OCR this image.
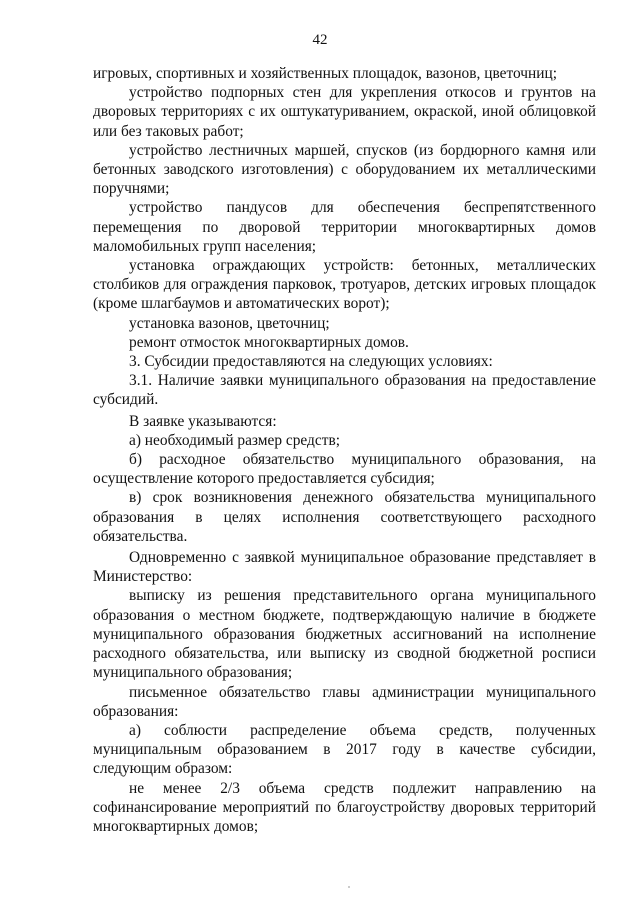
42

игровых, спортивных и хозяйственных площадок, вазонов, цветочниц;

устройство подпорных стен для укрепления откосов и грунтов на дворовых территориях с их оштукатуриванием, окраской, иной облицовкой или без таковых работ;

устройство лестничных маршей, спусков (из бордюрного камня или бетонных заводского изготовления) с оборудованием их металлическими поручнями;

устройство пандусов для обеспечения беспрепятственного перемещения по дворовой территории многоквартирных домов маломобильных групп населения;

установка ограждающих устройств: бетонных, металлических столбиков для ограждения парковок, тротуаров, детских игровых площадок (кроме шлагбаумов и автоматических ворот);

установка вазонов, цветочниц;

ремонт отмосток многоквартирных домов.

3. Субсидии предоставляются на следующих условиях:

3.1. Наличие заявки муниципального образования на предоставление субсидий.

В заявке указываются:

а) необходимый размер средств;

б) расходное обязательство муниципального образования, на осуществление которого предоставляется субсидия;

в) срок возникновения денежного обязательства муниципального образования в целях исполнения соответствующего расходного обязательства.

Одновременно с заявкой муниципальное образование представляет в Министерство:

выписку из решения представительного органа муниципального образования о местном бюджете, подтверждающую наличие в бюджете муниципального образования бюджетных ассигнований на исполнение расходного обязательства, или выписку из сводной бюджетной росписи муниципального образования;

письменное обязательство главы администрации муниципального образования:

а) соблюсти распределение объема средств, полученных муниципальным образованием в 2017 году в качестве субсидии, следующим образом:

не менее 2/3 объема средств подлежит направлению на софинансирование мероприятий по благоустройству дворовых территорий многоквартирных домов;
